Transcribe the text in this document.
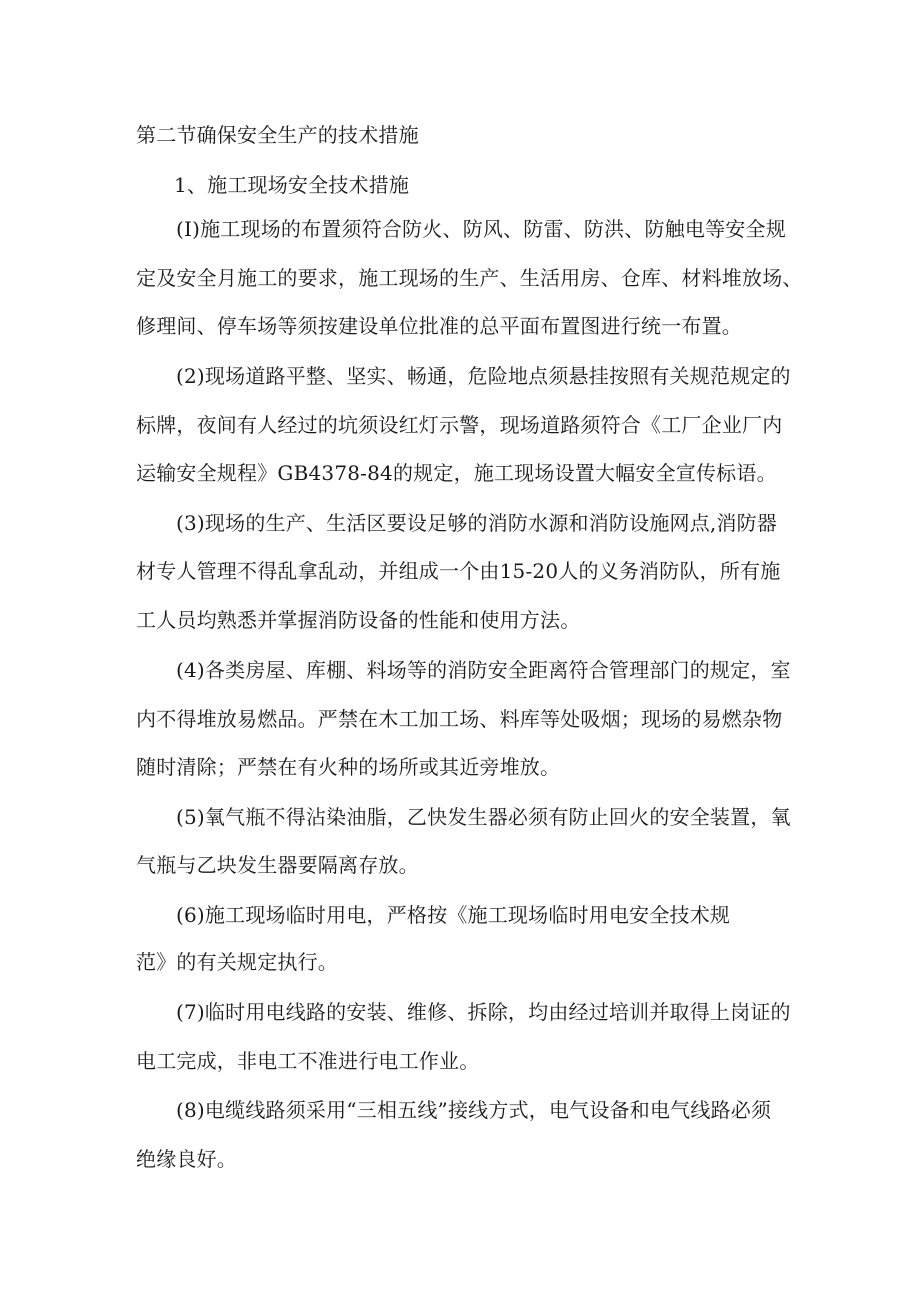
第二节确保安全生产的技术措施
1、施工现场安全技术措施
(I)施工现场的布置须符合防火、防风、防雷、防洪、防触电等安全规
定及安全月施工的要求，施工现场的生产、生活用房、仓库、材料堆放场、
修理间、停车场等须按建设单位批准的总平面布置图进行统一布置。
(2)现场道路平整、坚实、畅通，危险地点须悬挂按照有关规范规定的
标牌，夜间有人经过的坑须设红灯示警，现场道路须符合《工厂企业厂内
运输安全规程》GB4378-84的规定，施工现场设置大幅安全宣传标语。
(3)现场的生产、生活区要设足够的消防水源和消防设施网点,消防器
材专人管理不得乱拿乱动，并组成一个由15-20人的义务消防队，所有施
工人员均熟悉并掌握消防设备的性能和使用方法。
(4)各类房屋、库棚、料场等的消防安全距离符合管理部门的规定，室
内不得堆放易燃品。严禁在木工加工场、料库等处吸烟；现场的易燃杂物
随时清除；严禁在有火种的场所或其近旁堆放。
(5)氧气瓶不得沾染油脂，乙快发生器必须有防止回火的安全装置，氧
气瓶与乙块发生器要隔离存放。
(6)施工现场临时用电，严格按《施工现场临时用电安全技术规
范》的有关规定执行。
(7)临时用电线路的安装、维修、拆除，均由经过培训并取得上岗证的
电工完成，非电工不准进行电工作业。
(8)电缆线路须采用“三相五线”接线方式，电气设备和电气线路必须
绝缘良好。
